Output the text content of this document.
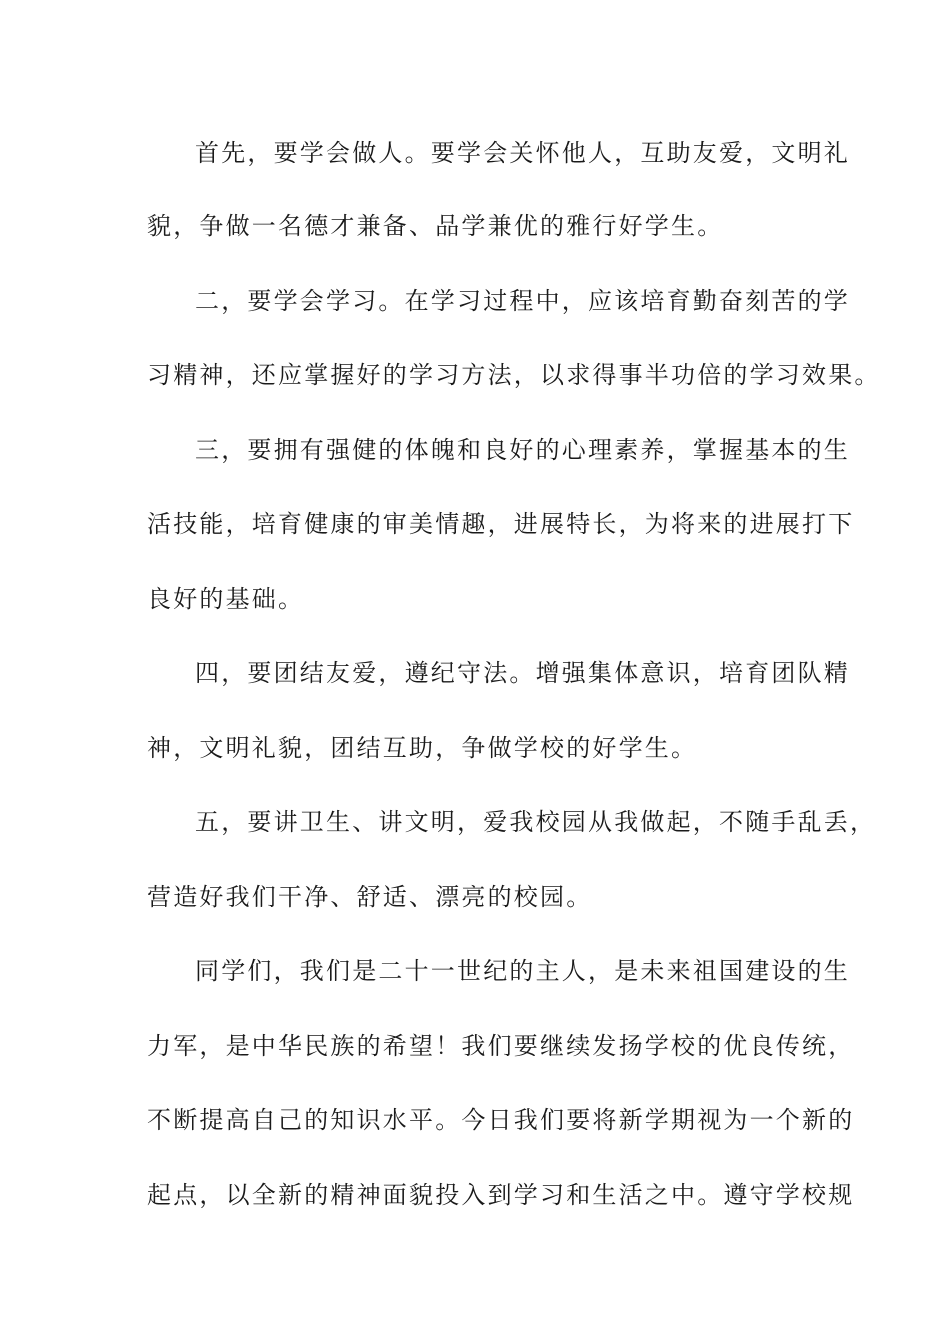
首先，要学会做人。要学会关怀他人，互助友爱，文明礼
貌，争做一名德才兼备、品学兼优的雅行好学生。
二，要学会学习。在学习过程中，应该培育勤奋刻苦的学
习精神，还应掌握好的学习方法，以求得事半功倍的学习效果。
三，要拥有强健的体魄和良好的心理素养，掌握基本的生
活技能，培育健康的审美情趣，进展特长，为将来的进展打下
良好的基础。
四，要团结友爱，遵纪守法。增强集体意识，培育团队精
神，文明礼貌，团结互助，争做学校的好学生。
五，要讲卫生、讲文明，爱我校园从我做起，不随手乱丢，
营造好我们干净、舒适、漂亮的校园。
同学们，我们是二十一世纪的主人，是未来祖国建设的生
力军，是中华民族的希望！我们要继续发扬学校的优良传统，
不断提高自己的知识水平。今日我们要将新学期视为一个新的
起点，以全新的精神面貌投入到学习和生活之中。遵守学校规
